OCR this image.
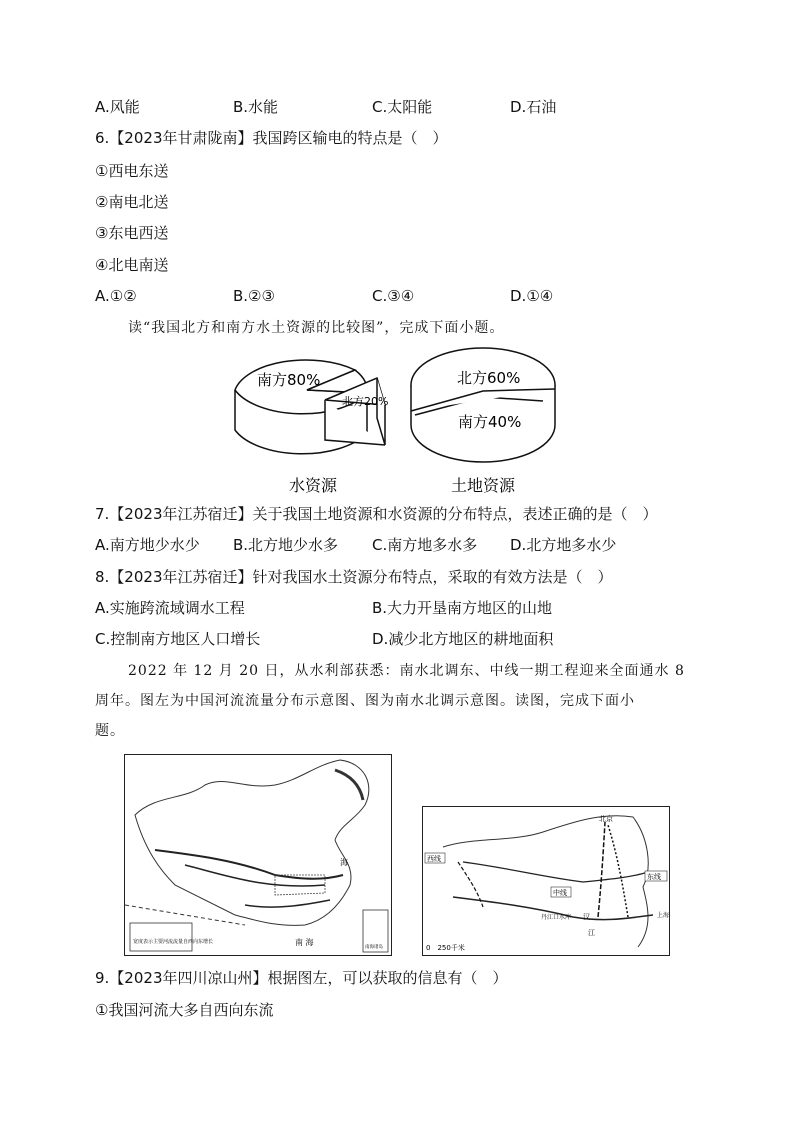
A.风能	B.水能	C.太阳能	D.石油
6.【2023年甘肃陇南】我国跨区输电的特点是（　）
①西电东送
②南电北送
③东电西送
④北电南送
A.①②	B.②③	C.③④	D.①④
读“我国北方和南方水土资源的比较图”，完成下面小题。
南方80%
北方20%
水资源
北方60%
南方40%
土地资源
7.【2023年江苏宿迁】关于我国土地资源和水资源的分布特点，表述正确的是（　）
A.南方地少水少 B.北方地少水多 C.南方地多水多 D.北方地多水少
8.【2023年江苏宿迁】针对我国水土资源分布特点，采取的有效方法是（　）
A.实施跨流域调水工程	B.大力开垦南方地区的山地
C.控制南方地区人口增长	D.减少北方地区的耕地面积
2022 年 12 月 20 日，从水利部获悉：南水北调东、中线一期工程迎来全面通水 8
周年。图左为中国河流流量分布示意图、图为南水北调示意图。读图，完成下面小
题。
宽度表示主要河流流量自西向东增长	南 海
海
南海诸岛
北京
西线
中线
东线
丹江口水库 汉
江
上海
0　250千米
9.【2023年四川凉山州】根据图左，可以获取的信息有（　）
①我国河流大多自西向东流
